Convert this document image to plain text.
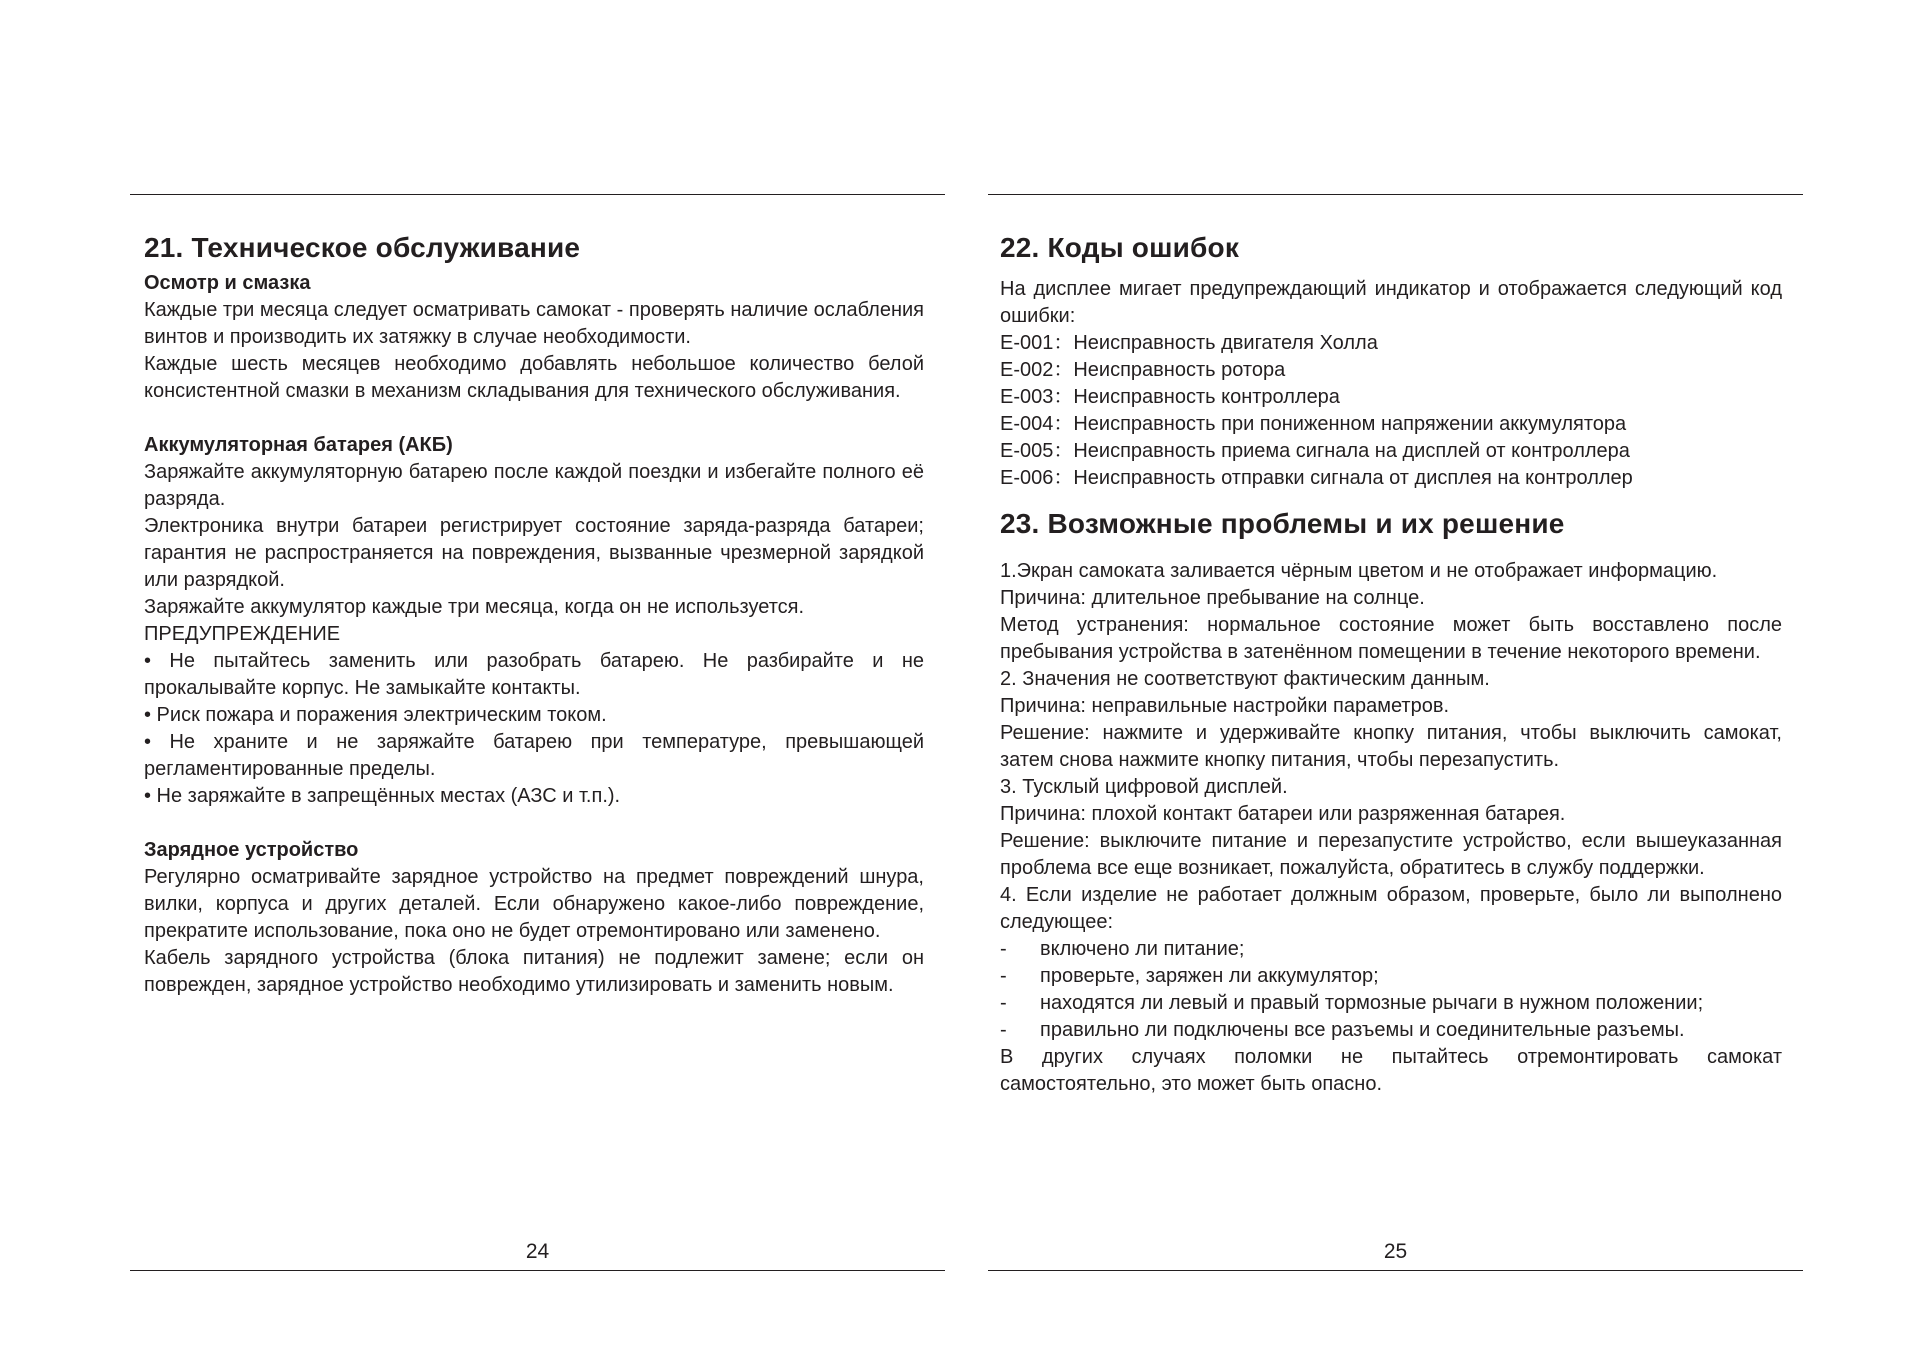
21. Техническое обслуживание
Осмотр и смазка

Каждые три месяца следует осматривать самокат - проверять наличие ослабления винтов и производить их затяжку в случае необходимости.

Каждые шесть месяцев необходимо добавлять небольшое количество белой консистентной смазки в механизм складывания для технического обслуживания.

Аккумуляторная батарея (АКБ)

Заряжайте аккумуляторную батарею после каждой поездки и избегайте полного её разряда.

Электроника внутри батареи регистрирует состояние заряда-разряда батареи; гарантия не распространяется на повреждения, вызванные чрезмерной зарядкой или разрядкой.

Заряжайте аккумулятор каждые три месяца, когда он не используется.

ПРЕДУПРЕЖДЕНИЕ

• Не пытайтесь заменить или разобрать батарею. Не разбирайте и не прокалывайте корпус. Не замыкайте контакты.

• Риск пожара и поражения электрическим током.

• Не храните и не заряжайте батарею при температуре, превышающей регламентированные пределы.

• Не заряжайте в запрещённых местах (АЗС и т.п.).

Зарядное устройство

Регулярно осматривайте зарядное устройство на предмет повреждений шнура, вилки, корпуса и других деталей. Если обнаружено какое-либо повреждение, прекратите использование, пока оно не будет отремонтировано или заменено.

Кабель зарядного устройства (блока питания) не подлежит замене; если он поврежден, зарядное устройство необходимо утилизировать и заменить новым.

24
22. Коды ошибок

На дисплее мигает предупреждающий индикатор и отображается следующий код ошибки:

E-001：Неисправность двигателя Холла

E-002：Неисправность ротора

E-003：Неисправность контроллера

E-004：Неисправность при пониженном напряжении аккумулятора

E-005：Неисправность приема сигнала на дисплей от контроллера

E-006：Неисправность отправки сигнала от дисплея на контроллер

23. Возможные проблемы и их решение

1.Экран самоката заливается чёрным цветом и не отображает информацию.

Причина: длительное пребывание на солнце.

Метод устранения: нормальное состояние может быть восставлено после пребывания устройства в затенённом помещении в течение некоторого времени.

2. Значения не соответствуют фактическим данным.

Причина: неправильные настройки параметров.

Решение: нажмите и удерживайте кнопку питания, чтобы выключить самокат, затем снова нажмите кнопку питания, чтобы перезапустить.

3. Тусклый цифровой дисплей.

Причина: плохой контакт батареи или разряженная батарея.

Решение: выключите питание и перезапустите устройство, если вышеуказанная проблема все еще возникает, пожалуйста, обратитесь в службу поддержки.

4. Если изделие не работает должным образом, проверьте, было ли выполнено следующее:

-	включено ли питание;
-	проверьте, заряжен ли аккумулятор;
-	находятся ли левый и правый тормозные рычаги в нужном положении;
-	правильно ли подключены все разъемы и соединительные разъемы.

В других случаях поломки не пытайтесь отремонтировать самокат самостоятельно, это может быть опасно.

25
